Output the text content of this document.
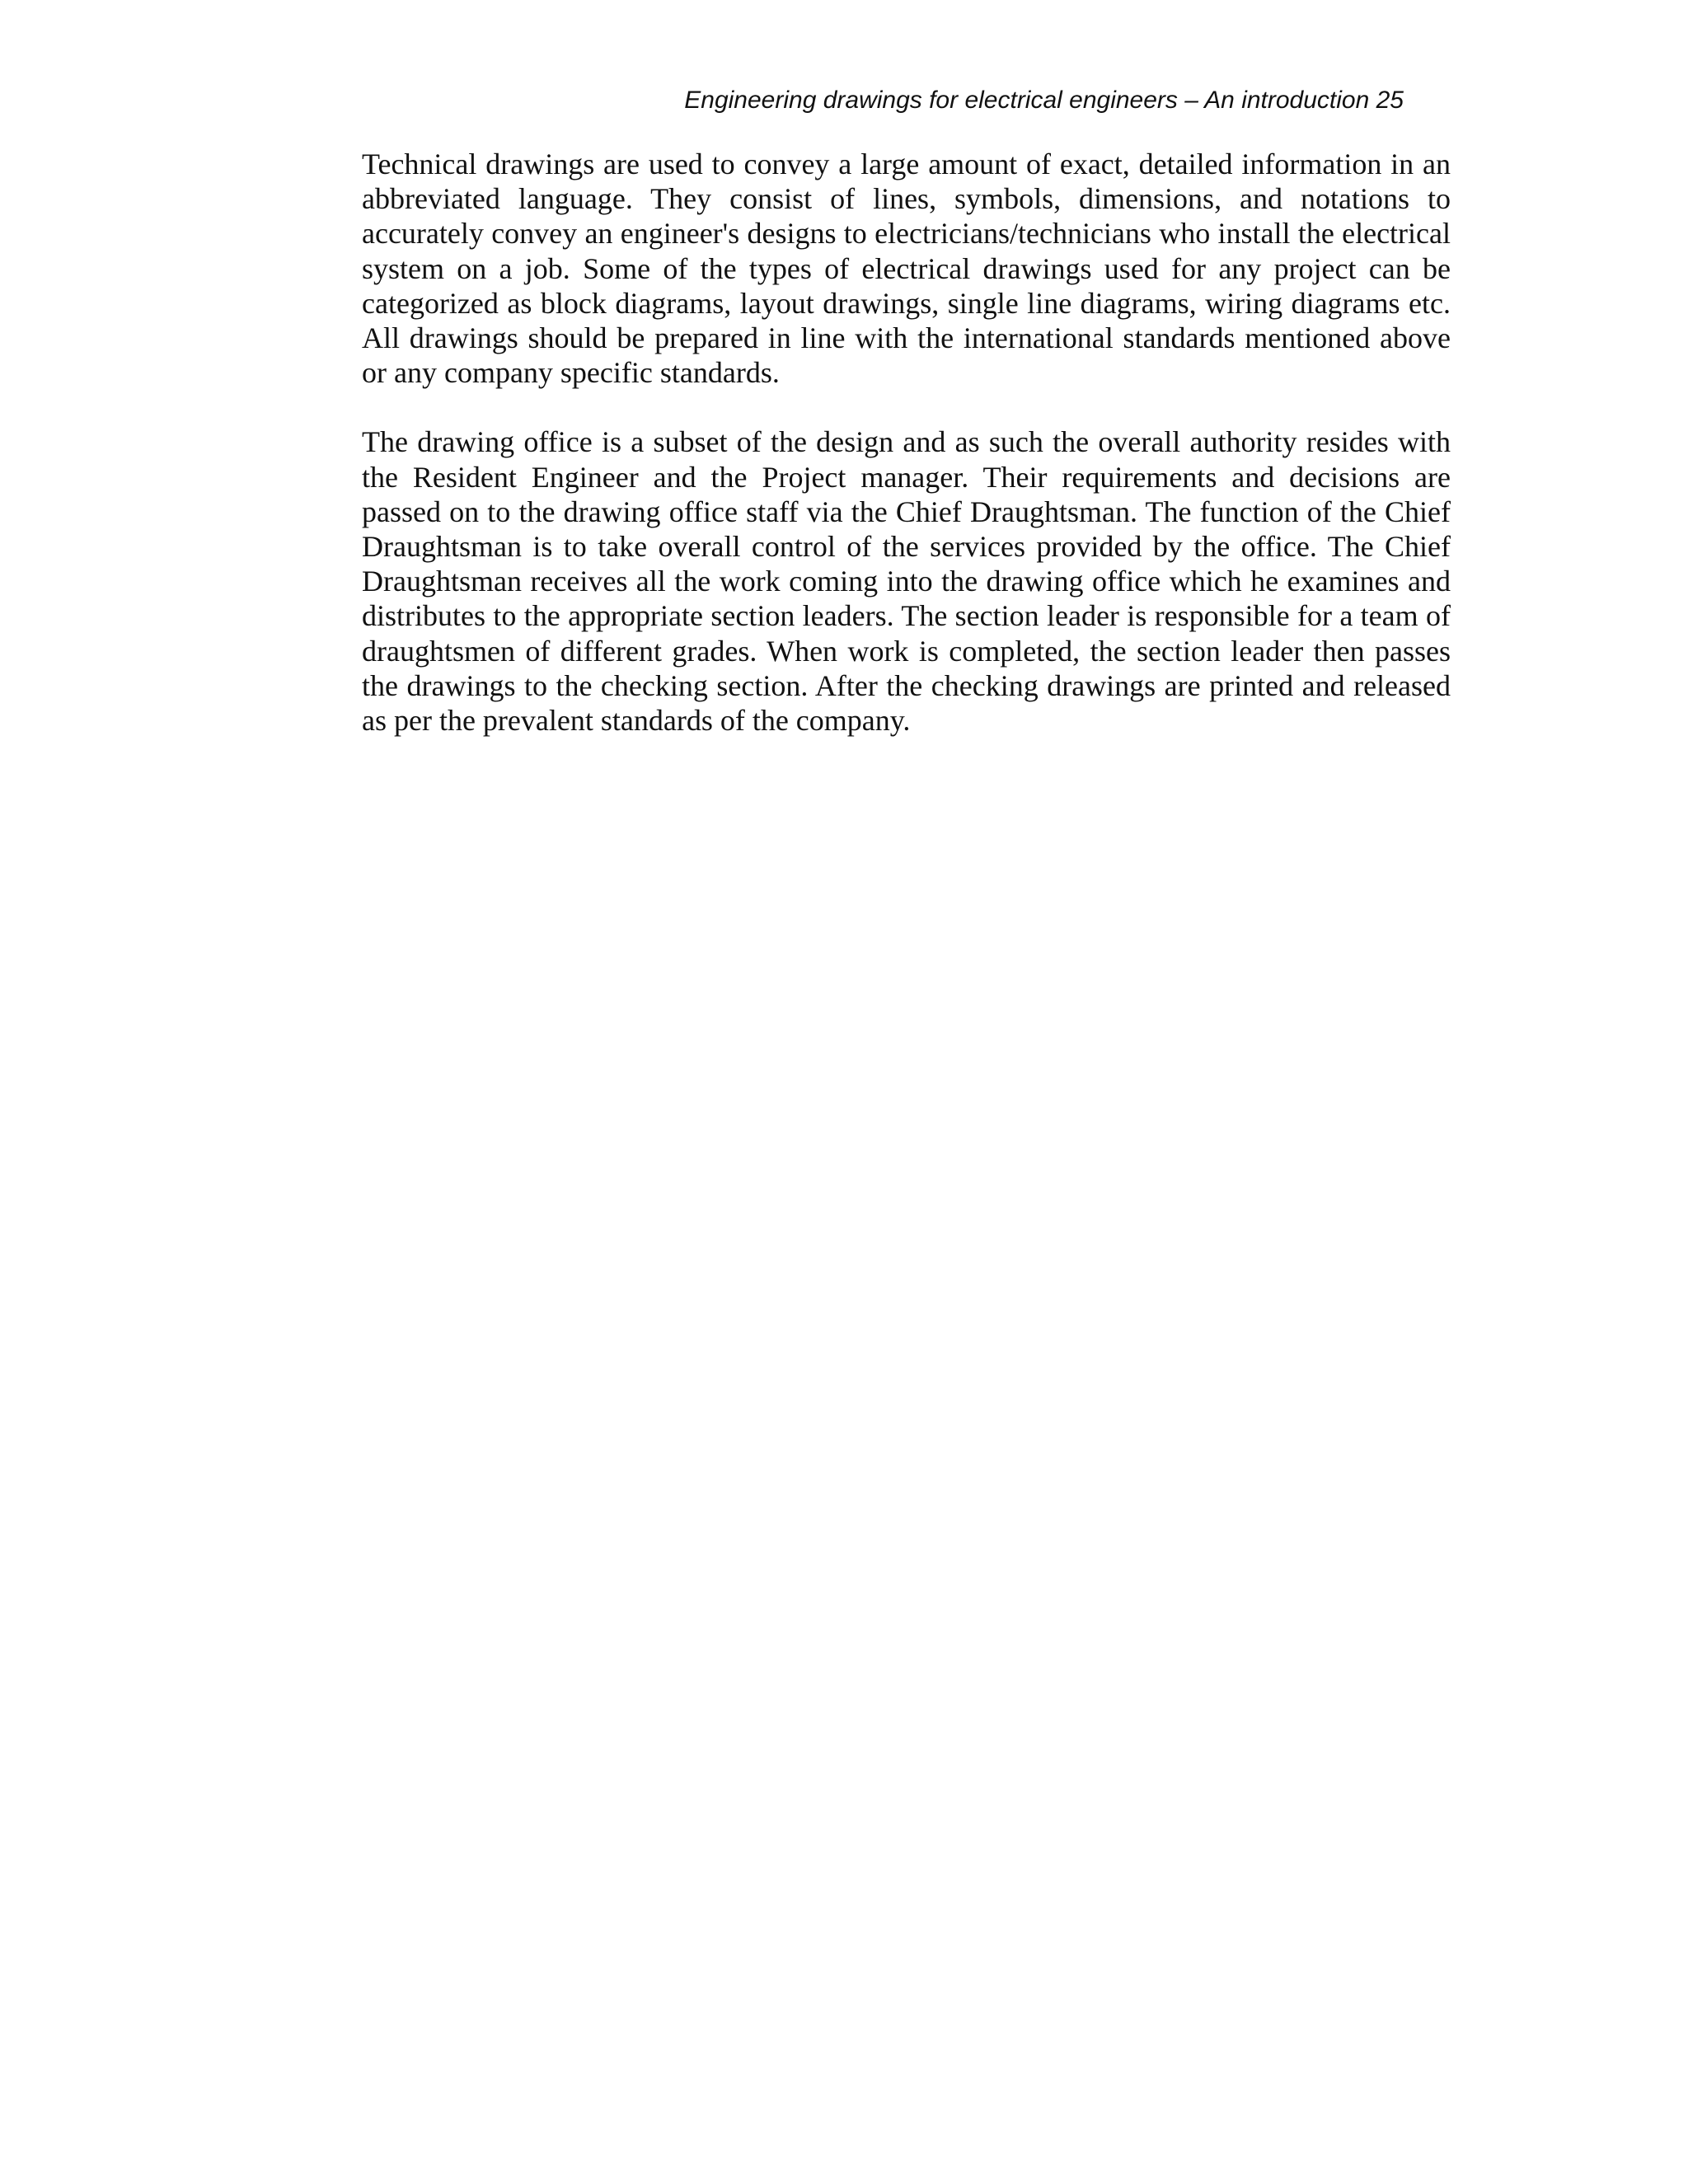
Engineering drawings for electrical engineers – An introduction 25

Technical drawings are used to convey a large amount of exact, detailed information in an abbreviated language. They consist of lines, symbols, dimensions, and notations to accurately convey an engineer's designs to electricians/technicians who install the electrical system on a job. Some of the types of electrical drawings used for any project can be categorized as block diagrams, layout drawings, single line diagrams, wiring diagrams etc. All drawings should be prepared in line with the international standards mentioned above or any company specific standards.

The drawing office is a subset of the design and as such the overall authority resides with the Resident Engineer and the Project manager. Their requirements and decisions are passed on to the drawing office staff via the Chief Draughtsman. The function of the Chief Draughtsman is to take overall control of the services provided by the office. The Chief Draughtsman receives all the work coming into the drawing office which he examines and distributes to the appropriate section leaders. The section leader is responsible for a team of draughtsmen of different grades. When work is completed, the section leader then passes the drawings to the checking section. After the checking drawings are printed and released as per the prevalent standards of the company.
